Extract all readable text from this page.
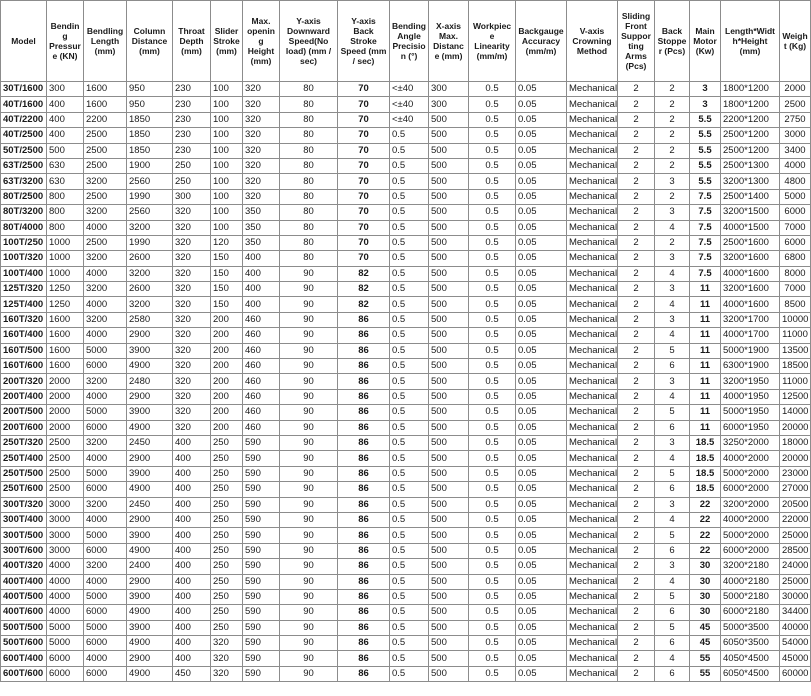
Model	Bending Pressure (KN)	Bendling Length (mm)	Column Distance (mm)	Throat Depth (mm)	Slider Stroke (mm)	Max. opening Height (mm)	Y-axis Downward Speed(No load) (mm / sec)	Y-axis Back Stroke Speed (mm / sec)	Bending Angle Precision (°)	X-axis Max. Distance (mm)	Workpiece Linearity (mm/m)	Backgauge Accuracy (mm/m)	V-axis Crowning Method	Sliding Front Supporting Arms (Pcs)	Back Stopper (Pcs)	Main Motor (Kw)	Length*Width*Height (mm)	Weight (Kg)
30T/1600	300	1600	950	230	100	320	80	70	<±40	300	0.5	0.05	Mechanical	2	2	3	1800*1200	2000
40T/1600	400	1600	950	230	100	320	80	70	<±40	300	0.5	0.05	Mechanical	2	2	3	1800*1200	2500
40T/2200	400	2200	1850	230	100	320	80	70	<±40	500	0.5	0.05	Mechanical	2	2	5.5	2200*1200	2750
40T/2500	400	2500	1850	230	100	320	80	70	0.5	500	0.5	0.05	Mechanical	2	2	5.5	2500*1200	3000
50T/2500	500	2500	1850	230	100	320	80	70	0.5	500	0.5	0.05	Mechanical	2	2	5.5	2500*1200	3400
63T/2500	630	2500	1900	250	100	320	80	70	0.5	500	0.5	0.05	Mechanical	2	2	5.5	2500*1300	4000
63T/3200	630	3200	2560	250	100	320	80	70	0.5	500	0.5	0.05	Mechanical	2	3	5.5	3200*1300	4800
80T/2500	800	2500	1990	300	100	320	80	70	0.5	500	0.5	0.05	Mechanical	2	2	7.5	2500*1400	5000
80T/3200	800	3200	2560	320	100	350	80	70	0.5	500	0.5	0.05	Mechanical	2	3	7.5	3200*1500	6000
80T/4000	800	4000	3200	320	100	350	80	70	0.5	500	0.5	0.05	Mechanical	2	4	7.5	4000*1500	7000
100T/250	1000	2500	1990	320	120	350	80	70	0.5	500	0.5	0.05	Mechanical	2	2	7.5	2500*1600	6000
100T/320	1000	3200	2600	320	150	400	80	70	0.5	500	0.5	0.05	Mechanical	2	3	7.5	3200*1600	6800
100T/400	1000	4000	3200	320	150	400	90	82	0.5	500	0.5	0.05	Mechanical	2	4	7.5	4000*1600	8000
125T/320	1250	3200	2600	320	150	400	90	82	0.5	500	0.5	0.05	Mechanical	2	3	11	3200*1600	7000
125T/400	1250	4000	3200	320	150	400	90	82	0.5	500	0.5	0.05	Mechanical	2	4	11	4000*1600	8500
160T/320	1600	3200	2580	320	200	460	90	86	0.5	500	0.5	0.05	Mechanical	2	3	11	3200*1700	10000
160T/400	1600	4000	2900	320	200	460	90	86	0.5	500	0.5	0.05	Mechanical	2	4	11	4000*1700	11000
160T/500	1600	5000	3900	320	200	460	90	86	0.5	500	0.5	0.05	Mechanical	2	5	11	5000*1900	13500
160T/600	1600	6000	4900	320	200	460	90	86	0.5	500	0.5	0.05	Mechanical	2	6	11	6300*1900	18500
200T/320	2000	3200	2480	320	200	460	90	86	0.5	500	0.5	0.05	Mechanical	2	3	11	3200*1950	11000
200T/400	2000	4000	2900	320	200	460	90	86	0.5	500	0.5	0.05	Mechanical	2	4	11	4000*1950	12500
200T/500	2000	5000	3900	320	200	460	90	86	0.5	500	0.5	0.05	Mechanical	2	5	11	5000*1950	14000
200T/600	2000	6000	4900	320	200	460	90	86	0.5	500	0.5	0.05	Mechanical	2	6	11	6000*1950	20000
250T/320	2500	3200	2450	400	250	590	90	86	0.5	500	0.5	0.05	Mechanical	2	3	18.5	3250*2000	18000
250T/400	2500	4000	2900	400	250	590	90	86	0.5	500	0.5	0.05	Mechanical	2	4	18.5	4000*2000	20000
250T/500	2500	5000	3900	400	250	590	90	86	0.5	500	0.5	0.05	Mechanical	2	5	18.5	5000*2000	23000
250T/600	2500	6000	4900	400	250	590	90	86	0.5	500	0.5	0.05	Mechanical	2	6	18.5	6000*2000	27000
300T/320	3000	3200	2450	400	250	590	90	86	0.5	500	0.5	0.05	Mechanical	2	3	22	3200*2000	20500
300T/400	3000	4000	2900	400	250	590	90	86	0.5	500	0.5	0.05	Mechanical	2	4	22	4000*2000	22000
300T/500	3000	5000	3900	400	250	590	90	86	0.5	500	0.5	0.05	Mechanical	2	5	22	5000*2000	25000
300T/600	3000	6000	4900	400	250	590	90	86	0.5	500	0.5	0.05	Mechanical	2	6	22	6000*2000	28500
400T/320	4000	3200	2400	400	250	590	90	86	0.5	500	0.5	0.05	Mechanical	2	3	30	3200*2180	24000
400T/400	4000	4000	2900	400	250	590	90	86	0.5	500	0.5	0.05	Mechanical	2	4	30	4000*2180	25000
400T/500	4000	5000	3900	400	250	590	90	86	0.5	500	0.5	0.05	Mechanical	2	5	30	5000*2180	30000
400T/600	4000	6000	4900	400	250	590	90	86	0.5	500	0.5	0.05	Mechanical	2	6	30	6000*2180	34400
500T/500	5000	5000	3900	400	250	590	90	86	0.5	500	0.5	0.05	Mechanical	2	5	45	5000*3500	40000
500T/600	5000	6000	4900	400	320	590	90	86	0.5	500	0.5	0.05	Mechanical	2	6	45	6050*3500	54000
600T/400	6000	4000	2900	400	320	590	90	86	0.5	500	0.5	0.05	Mechanical	2	4	55	4050*4500	45000
600T/600	6000	6000	4900	450	320	590	90	86	0.5	500	0.5	0.05	Mechanical	2	6	55	6050*4500	60000
